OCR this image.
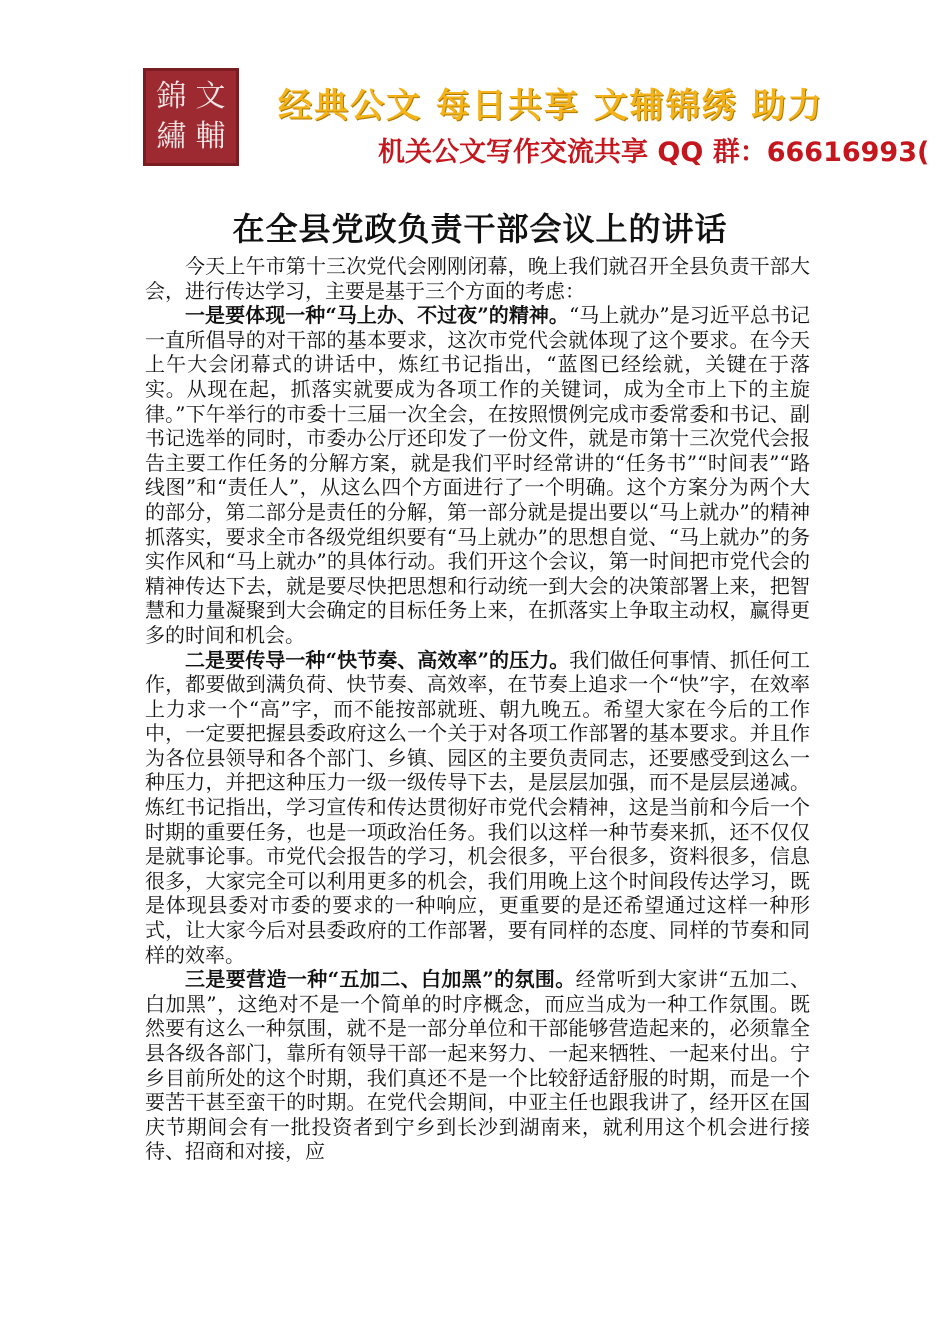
錦 文
繡 輔
经典公文 每日共享 文辅锦绣 助力
机关公文写作交流共享 QQ 群：66616993(
在全县党政负责干部会议上的讲话

今天上午市第十三次党代会刚刚闭幕，晚上我们就召开全县负责干部大会，进行传达学习，主要是基于三个方面的考虑：

一是要体现一种“马上办、不过夜”的精神。“马上就办”是习近平总书记一直所倡导的对干部的基本要求，这次市党代会就体现了这个要求。在今天上午大会闭幕式的讲话中，炼红书记指出，“蓝图已经绘就，关键在于落实。从现在起，抓落实就要成为各项工作的关键词，成为全市上下的主旋律。”下午举行的市委十三届一次全会，在按照惯例完成市委常委和书记、副书记选举的同时，市委办公厅还印发了一份文件，就是市第十三次党代会报告主要工作任务的分解方案，就是我们平时经常讲的“任务书”“时间表”“路线图”和“责任人”，从这么四个方面进行了一个明确。这个方案分为两个大的部分，第二部分是责任的分解，第一部分就是提出要以“马上就办”的精神抓落实，要求全市各级党组织要有“马上就办”的思想自觉、“马上就办”的务实作风和“马上就办”的具体行动。我们开这个会议，第一时间把市党代会的精神传达下去，就是要尽快把思想和行动统一到大会的决策部署上来，把智慧和力量凝聚到大会确定的目标任务上来，在抓落实上争取主动权，赢得更多的时间和机会。

二是要传导一种“快节奏、高效率”的压力。我们做任何事情、抓任何工作，都要做到满负荷、快节奏、高效率，在节奏上追求一个“快”字，在效率上力求一个“高”字，而不能按部就班、朝九晚五。希望大家在今后的工作中，一定要把握县委政府这么一个关于对各项工作部署的基本要求。并且作为各位县领导和各个部门、乡镇、园区的主要负责同志，还要感受到这么一种压力，并把这种压力一级一级传导下去，是层层加强，而不是层层递减。炼红书记指出，学习宣传和传达贯彻好市党代会精神，这是当前和今后一个时期的重要任务，也是一项政治任务。我们以这样一种节奏来抓，还不仅仅是就事论事。市党代会报告的学习，机会很多，平台很多，资料很多，信息很多，大家完全可以利用更多的机会，我们用晚上这个时间段传达学习，既是体现县委对市委的要求的一种响应，更重要的是还希望通过这样一种形式，让大家今后对县委政府的工作部署，要有同样的态度、同样的节奏和同样的效率。

三是要营造一种“五加二、白加黑”的氛围。经常听到大家讲“五加二、白加黑”，这绝对不是一个简单的时序概念，而应当成为一种工作氛围。既然要有这么一种氛围，就不是一部分单位和干部能够营造起来的，必须靠全县各级各部门，靠所有领导干部一起来努力、一起来牺牲、一起来付出。宁乡目前所处的这个时期，我们真还不是一个比较舒适舒服的时期，而是一个要苦干甚至蛮干的时期。在党代会期间，中亚主任也跟我讲了，经开区在国庆节期间会有一批投资者到宁乡到长沙到湖南来，就利用这个机会进行接待、招商和对接，应
